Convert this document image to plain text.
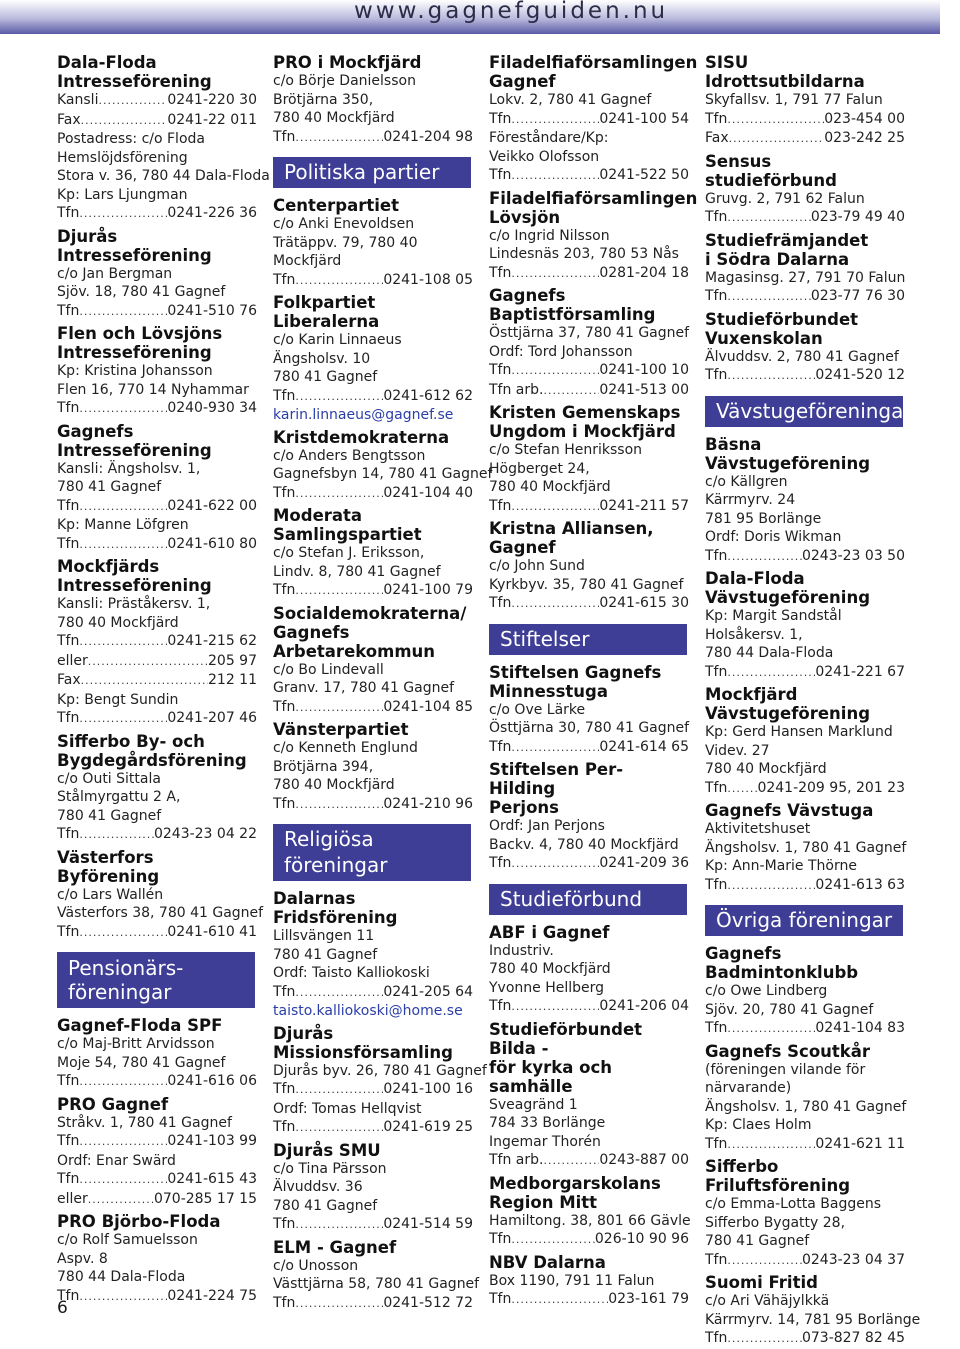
www.gagnefguiden.nu
Dala-Floda
Intresseförening
Kansli .....	0241-220 30
Fax .....	0241-22 011
Postadress: c/o Floda
Hemslöjdsförening
Stora v. 36, 780 44 Dala-Floda
Kp: Lars Ljungman
Tfn .....	0241-226 36
Djurås Intresseförening
c/o Jan Bergman
Sjöv. 18, 780 41 Gagnef
Tfn .....	0241-510 76
Flen och Lövsjöns
Intresseförening
Kp: Kristina Johansson
Flen 16, 770 14 Nyhammar
Tfn .....	0240-930 34
Gagnefs
Intresseförening
Kansli: Ängsholsv. 1,
780 41 Gagnef
Tfn .....	0241-622 00
Kp: Manne Löfgren
Tfn .....	0241-610 80
Mockfjärds
Intresseförening
Kansli: Präståkersv. 1,
780 40 Mockfjärd
Tfn .....	0241-215 62
eller .....	205 97
Fax .....	212 11
Kp: Bengt Sundin
Tfn .....	0241-207 46
Sifferbo By- och
Bygdegårdsförening
c/o Outi Sittala
Stålmyrgattu 2 A,
780 41 Gagnef
Tfn .....	0243-23 04 22
Västerfors Byförening
c/o Lars Wallén
Västerfors 38, 780 41 Gagnef
Tfn .....	0241-610 41
Pensionärs-
föreningar
Gagnef-Floda SPF
c/o Maj-Britt Arvidsson
Moje 54, 780 41 Gagnef
Tfn .....	0241-616 06
PRO Gagnef
Stråkv. 1, 780 41 Gagnef
Tfn .....	0241-103 99
Ordf: Enar Swärd
Tfn .....	0241-615 43
eller .....	070-285 17 15
PRO Björbo-Floda
c/o Rolf Samuelsson
Aspv. 8
780 44 Dala-Floda
Tfn .....	0241-224 75
PRO i Mockfjärd
c/o Börje Danielsson
Brötjärna 350,
780 40 Mockfjärd
Tfn .....	0241-204 98
Politiska partier
Centerpartiet
c/o Anki Enevoldsen
Trätäppv. 79, 780 40
Mockfjärd
Tfn .....	0241-108 05
Folkpartiet Liberalerna
c/o Karin Linnaeus
Ängsholsv. 10
780 41 Gagnef
Tfn .....	0241-612 62
karin.linnaeus@gagnef.se
Kristdemokraterna
c/o Anders Bengtsson
Gagnefsbyn 14, 780 41 Gagnef
Tfn .....	0241-104 40
Moderata
Samlingspartiet
c/o Stefan J. Eriksson,
Lindv. 8, 780 41 Gagnef
Tfn .....	0241-100 79
Socialdemokraterna/
Gagnefs
Arbetarekommun
c/o Bo Lindevall
Granv. 17, 780 41 Gagnef
Tfn .....	0241-104 85
Vänsterpartiet
c/o Kenneth Englund
Brötjärna 394,
780 40 Mockfjärd
Tfn .....	0241-210 96
Religiösa föreningar
Dalarnas Fridsförening
Lillsvängen 11
780 41 Gagnef
Ordf: Taisto Kalliokoski
Tfn .....	0241-205 64
taisto.kalliokoski@home.se
Djurås
Missionsförsamling
Djurås byv. 26, 780 41 Gagnef
Tfn .....	0241-100 16
Ordf: Tomas Hellqvist
Tfn .....	0241-619 25
Djurås SMU
c/o Tina Pärsson
Älvuddsv. 36
780 41 Gagnef
Tfn .....	0241-514 59
ELM - Gagnef
c/o Unosson
Västtjärna 58, 780 41 Gagnef
Tfn .....	0241-512 72
Filadelfiaförsamlingen
Gagnef
Lokv. 2, 780 41 Gagnef
Tfn .....	0241-100 54
Föreståndare/Kp:
Veikko Olofsson
Tfn .....	0241-522 50
Filadelfiaförsamlingen
Lövsjön
c/o Ingrid Nilsson
Lindesnäs 203, 780 53 Nås
Tfn .....	0281-204 18
Gagnefs
Baptistförsamling
Östtjärna 37, 780 41 Gagnef
Ordf: Tord Johansson
Tfn .....	0241-100 10
Tfn arb. .....	0241-513 00
Kristen Gemenskaps
Ungdom i Mockfjärd
c/o Stefan Henriksson
Högberget 24,
780 40 Mockfjärd
Tfn .....	0241-211 57
Kristna Alliansen,
Gagnef
c/o John Sund
Kyrkbyv. 35, 780 41 Gagnef
Tfn .....	0241-615 30
Stiftelser
Stiftelsen Gagnefs
Minnesstuga
c/o Ove Lärke
Östtjärna 30, 780 41 Gagnef
Tfn .....	0241-614 65
Stiftelsen Per-Hilding
Perjons
Ordf: Jan Perjons
Backv. 4, 780 40 Mockfjärd
Tfn .....	0241-209 36
Studieförbund
ABF i Gagnef
Industriv.
780 40 Mockfjärd
Yvonne Hellberg
Tfn .....	0241-206 04
Studieförbundet Bilda -
för kyrka och samhälle
Sveagränd 1
784 33 Borlänge
Ingemar Thorén
Tfn arb. .....	0243-887 00
Medborgarskolans
Region Mitt
Hamiltong. 38, 801 66 Gävle
Tfn .....	026-10 90 96
NBV Dalarna
Box 1190, 791 11 Falun
Tfn .....	023-161 79
SISU Idrottsutbildarna
Skyfallsv. 1, 791 77 Falun
Tfn .....	023-454 00
Fax .....	023-242 25
Sensus studieförbund
Gruvg. 2, 791 62 Falun
Tfn .....	023-79 49 40
Studiefrämjandet
i Södra Dalarna
Magasinsg. 27, 791 70 Falun
Tfn .....	023-77 76 30
Studieförbundet
Vuxenskolan
Älvuddsv. 2, 780 41 Gagnef
Tfn .....	0241-520 12
Vävstugeföreningar
Bäsna Vävstugeförening
c/o Källgren
Kärrmyrv. 24
781 95 Borlänge
Ordf: Doris Wikman
Tfn .....	0243-23 03 50
Dala-Floda
Vävstugeförening
Kp: Margit Sandstål
Holsåkersv. 1,
780 44 Dala-Floda
Tfn .....	0241-221 67
Mockfjärd
Vävstugeförening
Kp: Gerd Hansen Marklund
Videv. 27
780 40 Mockfjärd
Tfn ..... 0241-209 95, 201 23
Gagnefs Vävstuga
Aktivitetshuset
Ängsholsv. 1, 780 41 Gagnef
Kp: Ann-Marie Thörne
Tfn .....	0241-613 63
Övriga föreningar
Gagnefs
Badmintonklubb
c/o Owe Lindberg
Sjöv. 20, 780 41 Gagnef
Tfn .....	0241-104 83
Gagnefs Scoutkår
(föreningen vilande för
närvarande)
Ängsholsv. 1, 780 41 Gagnef
Kp: Claes Holm
Tfn .....	0241-621 11
Sifferbo Friluftsförening
c/o Emma-Lotta Baggens
Sifferbo Bygatty 28,
780 41 Gagnef
Tfn .....	0243-23 04 37
Suomi Fritid
c/o Ari Vähäjylkkä
Kärrmyrv. 14, 781 95 Borlänge
Tfn .....	073-827 82 45
6
